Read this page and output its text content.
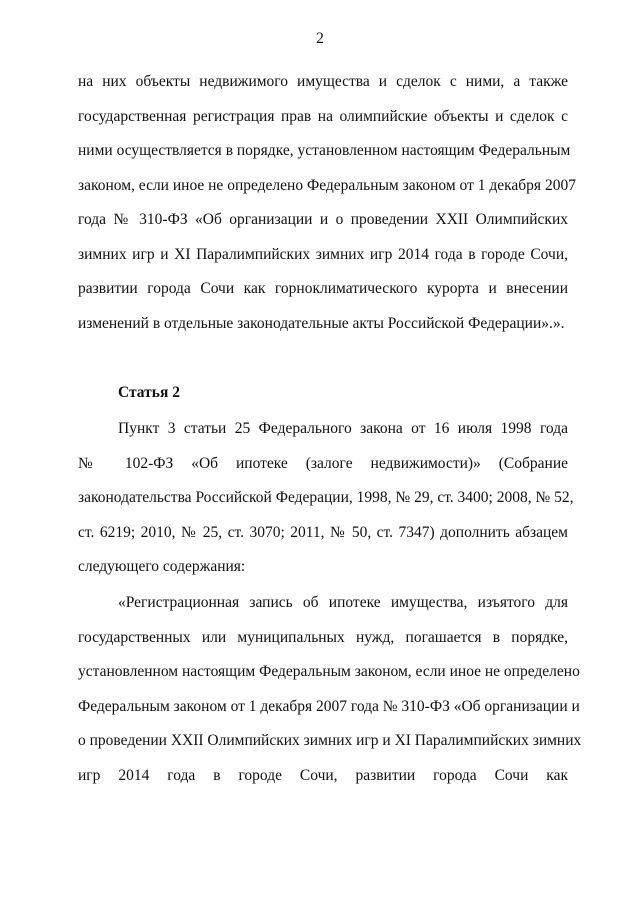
2
на них объекты недвижимого имущества и сделок с ними, а также
государственная регистрация прав на олимпийские объекты и сделок с
ними осуществляется в порядке, установленном настоящим Федеральным
законом, если иное не определено Федеральным законом от 1 декабря 2007
года № 310-ФЗ «Об организации и о проведении XXII Олимпийских
зимних игр и XI Паралимпийских зимних игр 2014 года в городе Сочи,
развитии города Сочи как горноклиматического курорта и внесении
изменений в отдельные законодательные акты Российской Федерации».».
Статья 2
Пункт 3 статьи 25 Федерального закона от 16 июля 1998 года
№ 102-ФЗ «Об ипотеке (залоге недвижимости)» (Собрание
законодательства Российской Федерации, 1998, № 29, ст. 3400; 2008, № 52,
ст. 6219; 2010, № 25, ст. 3070; 2011, № 50, ст. 7347) дополнить абзацем
следующего содержания:
«Регистрационная запись об ипотеке имущества, изъятого для
государственных или муниципальных нужд, погашается в порядке,
установленном настоящим Федеральным законом, если иное не определено
Федеральным законом от 1 декабря 2007 года № 310-ФЗ «Об организации и
о проведении XXII Олимпийских зимних игр и XI Паралимпийских зимних
игр 2014 года в городе Сочи, развитии города Сочи как
